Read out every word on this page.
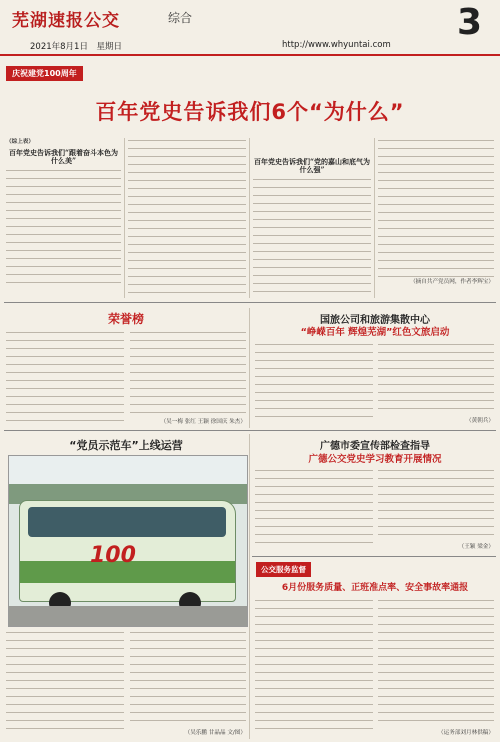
芜湖速报公交	综合	3
2021年8月1日　星期日	http://www.whyuntai.com
庆祝建党100周年
百年党史告诉我们6个“为什么”
（综上表）
百年党史告诉我们“跟着奋斗本色为什么美”	百年党史告诉我们“党的嘉山和底气为什么强”
（摘自共产党员网，作者李辉宝）
荣誉榜
（吴一梅 张红 王颖 徐国庆 朱杰）
国旅公司和旅游集散中心
“峥嵘百年 辉煌芜湖”红色文旅启动
（黄朝兵）
“党员示范车”上线运营
100
（吴乐鹏 甘晶晶 文/图）
广德市委宣传部检查指导
广德公交党史学习教育开展情况
（王颖 梁金）
公交服务监督
6月份服务质量、正班准点率、安全事故率通报
（运务部刘月林供稿）
